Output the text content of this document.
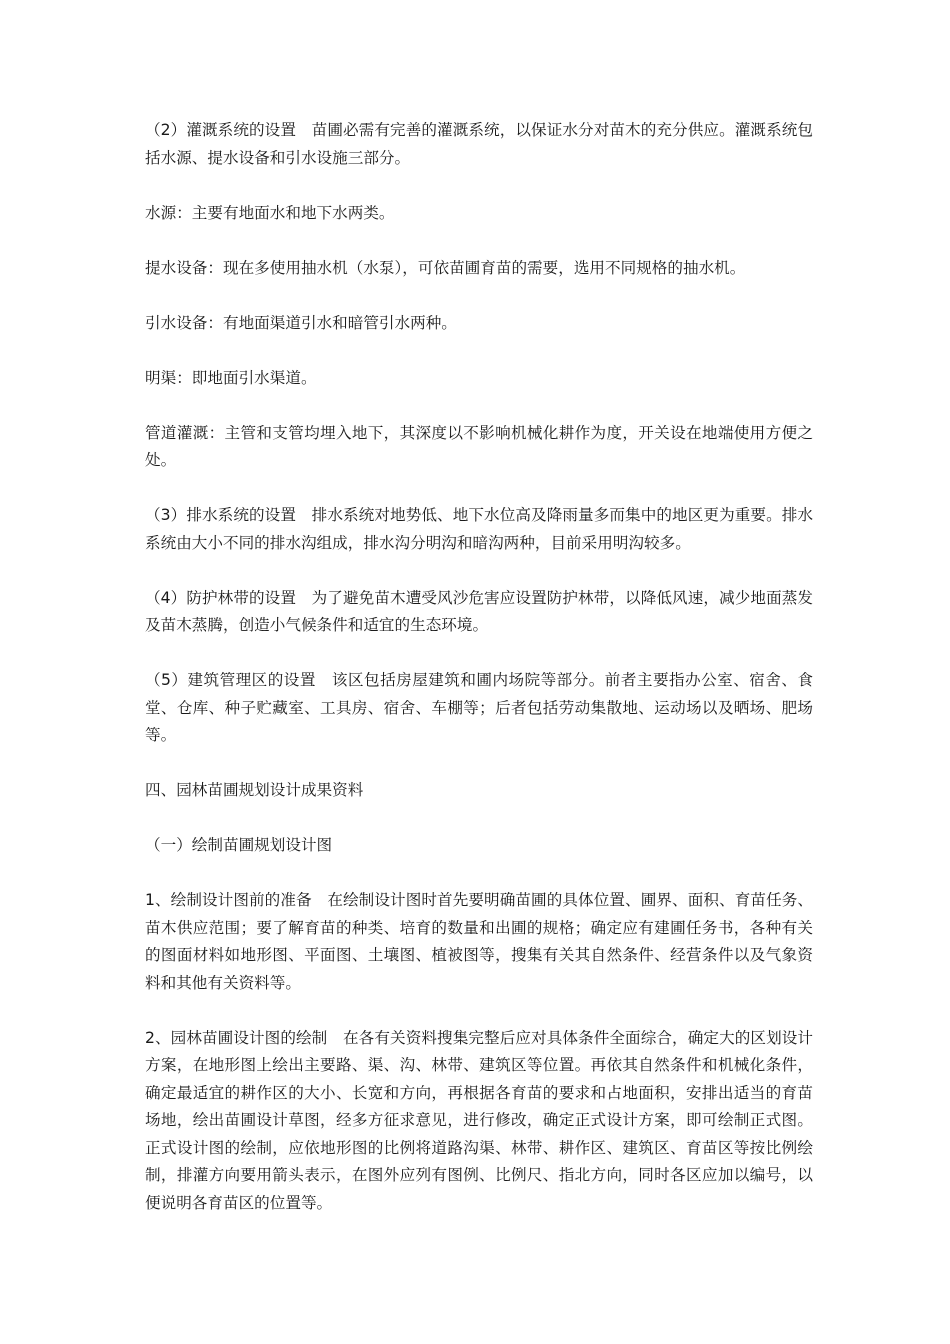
（2）灌溉系统的设置　苗圃必需有完善的灌溉系统，以保证水分对苗木的充分供应。灌溉系统包括水源、提水设备和引水设施三部分。

水源：主要有地面水和地下水两类。

提水设备：现在多使用抽水机（水泵），可依苗圃育苗的需要，选用不同规格的抽水机。

引水设备：有地面渠道引水和暗管引水两种。

明渠：即地面引水渠道。

管道灌溉：主管和支管均埋入地下，其深度以不影响机械化耕作为度，开关设在地端使用方便之处。

（3）排水系统的设置　排水系统对地势低、地下水位高及降雨量多而集中的地区更为重要。排水系统由大小不同的排水沟组成，排水沟分明沟和暗沟两种，目前采用明沟较多。

（4）防护林带的设置　为了避免苗木遭受风沙危害应设置防护林带，以降低风速，减少地面蒸发及苗木蒸腾，创造小气候条件和适宜的生态环境。

（5）建筑管理区的设置　该区包括房屋建筑和圃内场院等部分。前者主要指办公室、宿舍、食堂、仓库、种子贮藏室、工具房、宿舍、车棚等；后者包括劳动集散地、运动场以及晒场、肥场等。

四、园林苗圃规划设计成果资料

（一）绘制苗圃规划设计图

1、绘制设计图前的准备　在绘制设计图时首先要明确苗圃的具体位置、圃界、面积、育苗任务、苗木供应范围；要了解育苗的种类、培育的数量和出圃的规格；确定应有建圃任务书，各种有关的图面材料如地形图、平面图、土壤图、植被图等，搜集有关其自然条件、经营条件以及气象资料和其他有关资料等。

2、园林苗圃设计图的绘制　在各有关资料搜集完整后应对具体条件全面综合，确定大的区划设计方案，在地形图上绘出主要路、渠、沟、林带、建筑区等位置。再依其自然条件和机械化条件，确定最适宜的耕作区的大小、长宽和方向，再根据各育苗的要求和占地面积，安排出适当的育苗场地，绘出苗圃设计草图，经多方征求意见，进行修改，确定正式设计方案，即可绘制正式图。正式设计图的绘制，应依地形图的比例将道路沟渠、林带、耕作区、建筑区、育苗区等按比例绘制，排灌方向要用箭头表示，在图外应列有图例、比例尺、指北方向，同时各区应加以编号，以便说明各育苗区的位置等。
